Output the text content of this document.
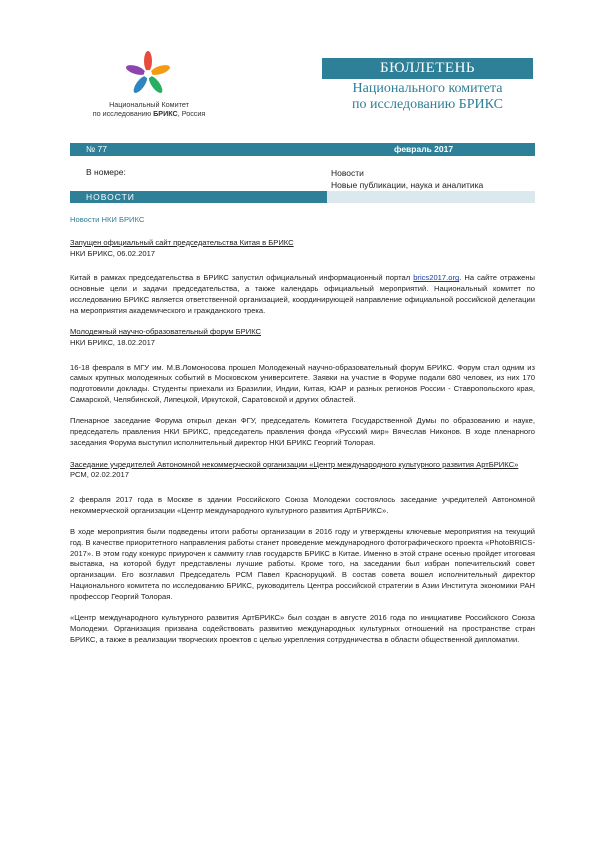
Национальный Комитет
по исследованию БРИКС, Россия
БЮЛЛЕТЕНЬ
Национального комитета
по исследованию БРИКС
№ 77	февраль 2017
В номере:	Новости
Новые публикации, наука и аналитика
НОВОСТИ
Новости НКИ БРИКС

Запущен официальный сайт председательства Китая в БРИКС

НКИ БРИКС, 06.02.2017

Китай в рамках председательства в БРИКС запустил официальный информационный портал brics2017.org. На сайте отражены основные цели и задачи председательства, а также календарь официальный мероприятий. Национальный комитет по исследованию БРИКС является ответственной организацией, координирующей направление официальной российской делегации на мероприятия академического и гражданского трека.

Молодежный научно-образовательный форум БРИКС

НКИ БРИКС, 18.02.2017

16-18 февраля в МГУ им. М.В.Ломоносова прошел Молодежный научно-образовательный форум БРИКС. Форум стал одним из самых крупных молодежных событий в Московском университете. Заявки на участие в Форуме подали 680 человек, из них 170 подготовили доклады. Студенты приехали из Бразилии, Индии, Китая, ЮАР и разных регионов России - Ставропольского края, Самарской, Челябинской, Липецкой, Иркутской, Саратовской и других областей.

Пленарное заседание Форума открыл декан ФГУ, председатель Комитета Государственной Думы по образованию и науке, председатель правления НКИ БРИКС, председатель правления фонда «Русский мир» Вячеслав Никонов. В ходе пленарного заседания Форума выступил исполнительный директор НКИ БРИКС Георгий Толорая.

Заседание учредителей Автономной некоммерческой организации «Центр международного культурного развития АртБРИКС»

РСМ, 02.02.2017

2 февраля 2017 года в Москве в здании Российского Союза Молодежи состоялось заседание учредителей Автономной некоммерческой организации «Центр международного культурного развития АртБРИКС».

В ходе мероприятия были подведены итоги работы организации в 2016 году и утверждены ключевые мероприятия на текущий год. В качестве приоритетного направления работы станет проведение международного фотографического проекта «PhotoBRICS-2017». В этом году конкурс приурочен к саммиту глав государств БРИКС в Китае. Именно в этой стране осенью пройдет итоговая выставка, на которой будут представлены лучшие работы. Кроме того, на заседании был избран попечительский совет организации. Его возглавил Председатель РСМ Павел Красноруцкий. В состав совета вошел исполнительный директор Национального комитета по исследованию БРИКС, руководитель Центра российской стратегии в Азии Института экономики РАН профессор Георгий Толорая.

«Центр международного культурного развития АртБРИКС» был создан в августе 2016 года по инициативе Российского Союза Молодежи. Организация призвана содействовать развитию международных культурных отношений на пространстве стран БРИКС, а также в реализации творческих проектов с целью укрепления сотрудничества в области общественной дипломатии.
